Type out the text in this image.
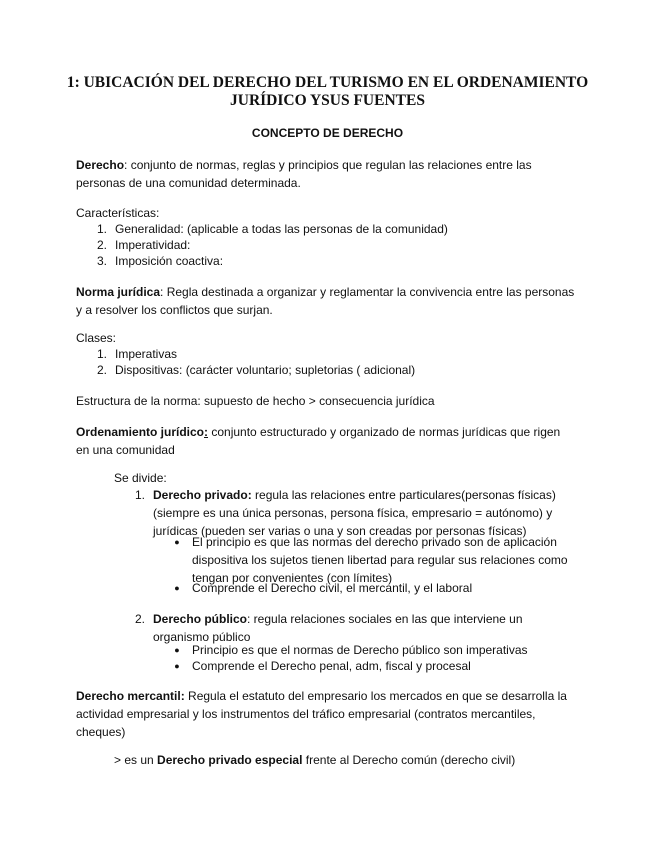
1: UBICACIÓN DEL DERECHO DEL TURISMO EN EL ORDENAMIENTO JURÍDICO YSUS FUENTES
CONCEPTO DE DERECHO

Derecho: conjunto de normas, reglas y principios que regulan las relaciones entre las personas de una comunidad determinada.

Características:
1. Generalidad: (aplicable a todas las personas de la comunidad)
2. Imperatividad:
3. Imposición coactiva:

Norma jurídica: Regla destinada a organizar y reglamentar la convivencia entre las personas y a resolver los conflictos que surjan.

Clases:
1. Imperativas
2. Dispositivas: (carácter voluntario; supletorias ( adicional)
Estructura de la norma: supuesto de hecho > consecuencia jurídica

Ordenamiento jurídico: conjunto estructurado y organizado de normas jurídicas que rigen en una comunidad

Se divide:
1. Derecho privado: regula las relaciones entre particulares(personas físicas) (siempre es una única personas, persona física, empresario = autónomo) y jurídicas (pueden ser varias o una y son creadas por personas físicas)

● El principio es que las normas del derecho privado son de aplicación dispositiva los sujetos tienen libertad para regular sus relaciones como tengan por convenientes (con límites)

● Comprende el Derecho civil, el mercantil, y el laboral
2. Derecho público: regula relaciones sociales en las que interviene un organismo público

● Principio es que el normas de Derecho público son imperativas
● Comprende el Derecho penal, adm, fiscal y procesal

Derecho mercantil: Regula el estatuto del empresario los mercados en que se desarrolla la actividad empresarial y los instrumentos del tráfico empresarial (contratos mercantiles, cheques)

> es un Derecho privado especial frente al Derecho común (derecho civil)
